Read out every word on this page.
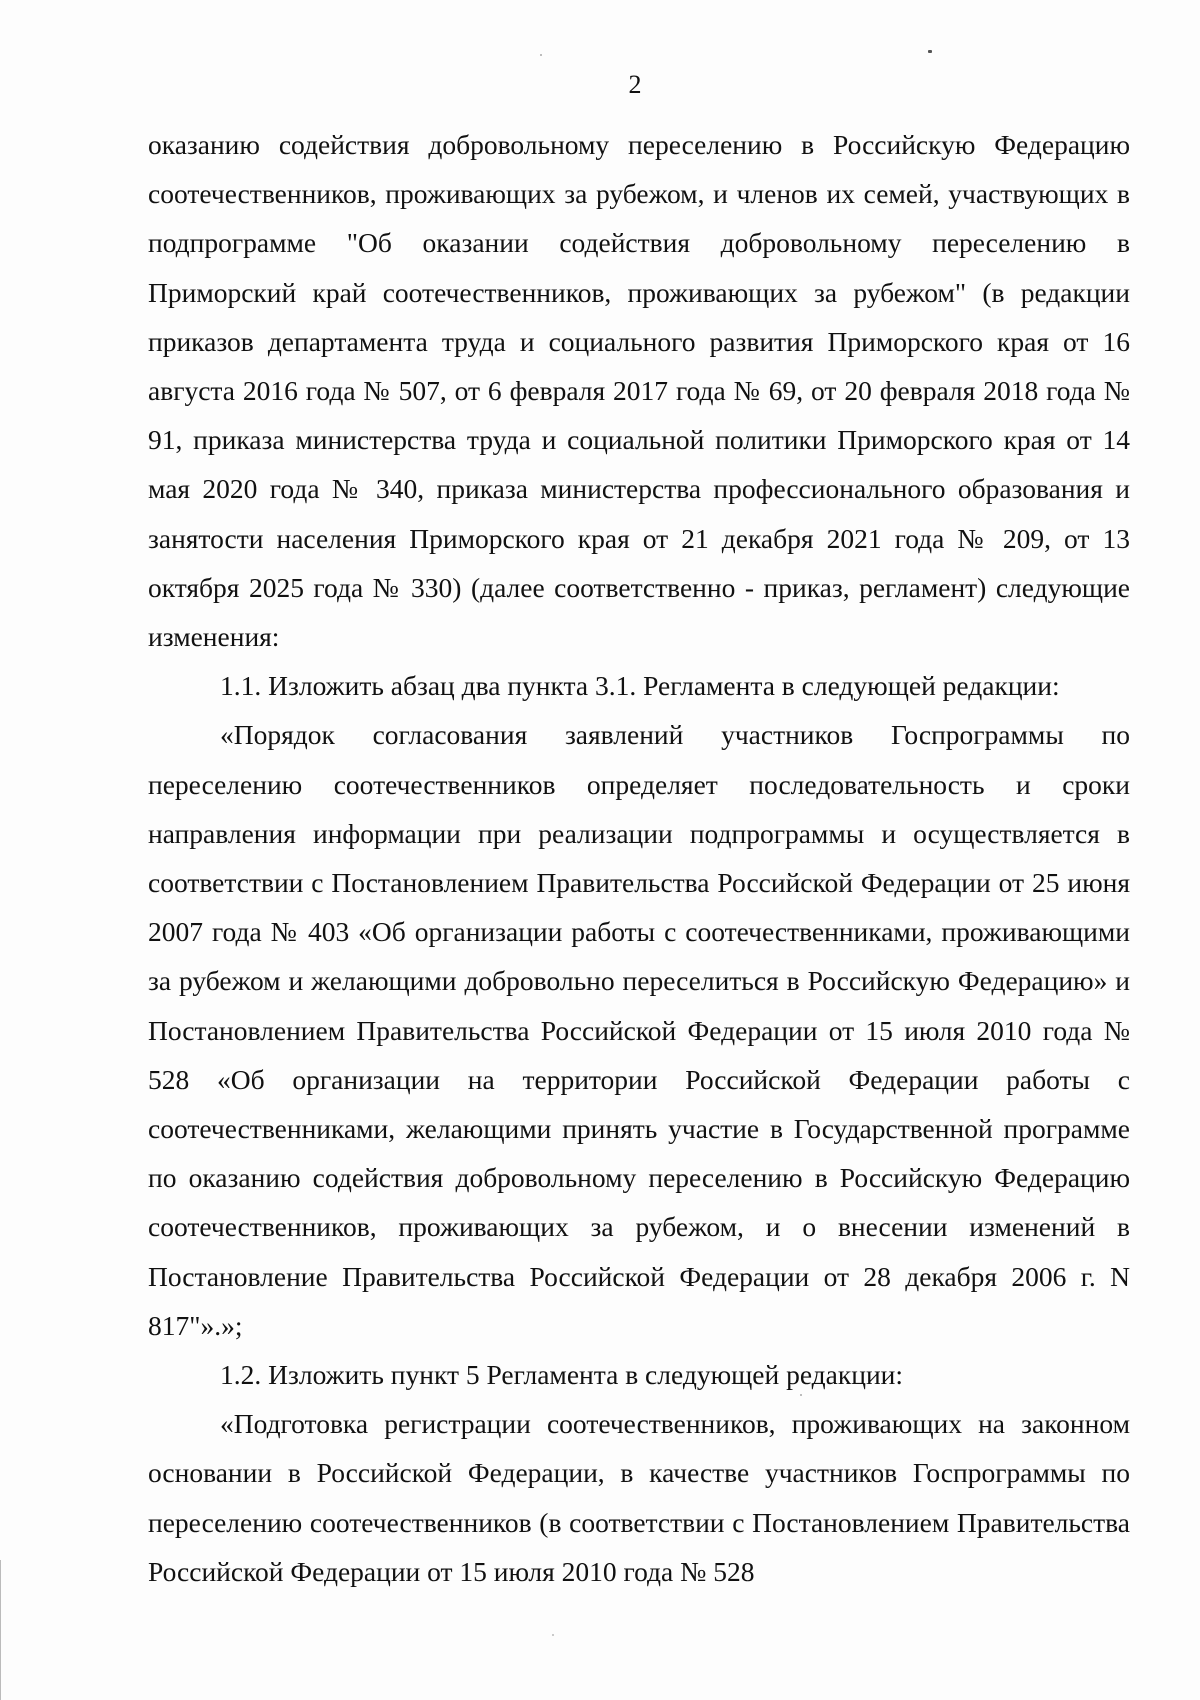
2

оказанию содействия добровольному переселению в Российскую Федерацию соотечественников, проживающих за рубежом, и членов их семей, участвующих в подпрограмме "Об оказании содействия добровольному переселению в Приморский край соотечественников, проживающих за рубежом" (в редакции приказов департамента труда и социального развития Приморского края от 16 августа 2016 года № 507, от 6 февраля 2017 года № 69, от 20 февраля 2018 года № 91, приказа министерства труда и социальной политики Приморского края от 14 мая 2020 года № 340, приказа министерства профессионального образования и занятости населения Приморского края от 21 декабря 2021 года № 209, от 13 октября 2025 года № 330) (далее соответственно - приказ, регламент) следующие изменения:

1.1. Изложить абзац два пункта 3.1. Регламента в следующей редакции:

«Порядок согласования заявлений участников Госпрограммы по переселению соотечественников определяет последовательность и сроки направления информации при реализации подпрограммы и осуществляется в соответствии с Постановлением Правительства Российской Федерации от 25 июня 2007 года № 403 «Об организации работы с соотечественниками, проживающими за рубежом и желающими добровольно переселиться в Российскую Федерацию» и Постановлением Правительства Российской Федерации от 15 июля 2010 года № 528 «Об организации на территории Российской Федерации работы с соотечественниками, желающими принять участие в Государственной программе по оказанию содействия добровольному переселению в Российскую Федерацию соотечественников, проживающих за рубежом, и о внесении изменений в Постановление Правительства Российской Федерации от 28 декабря 2006 г. N 817"».»;

1.2. Изложить пункт 5 Регламента в следующей редакции:

«Подготовка регистрации соотечественников, проживающих на законном основании в Российской Федерации, в качестве участников Госпрограммы по переселению соотечественников (в соответствии с Постановлением Правительства Российской Федерации от 15 июля 2010 года № 528
